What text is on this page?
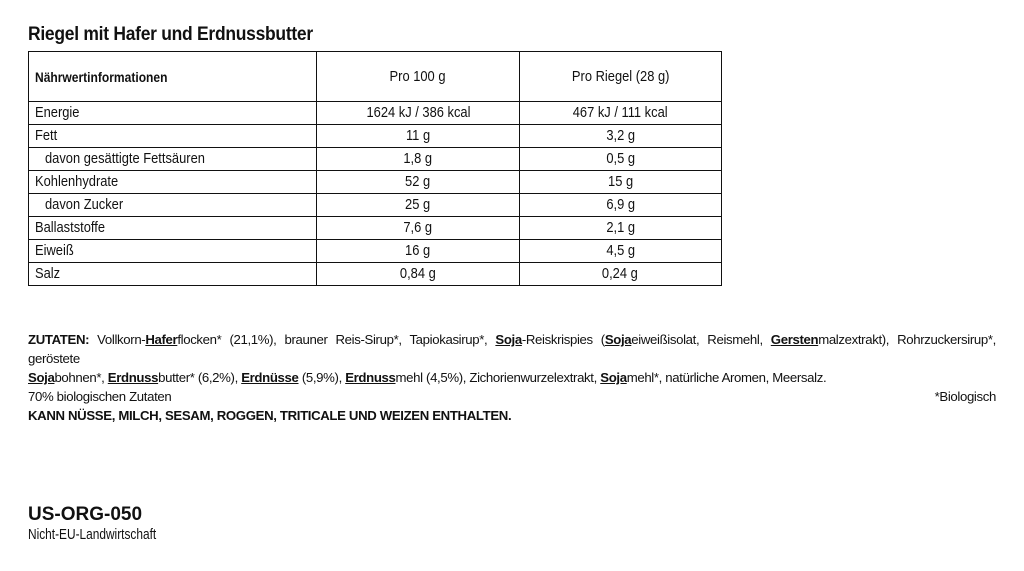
Riegel mit Hafer und Erdnussbutter
Nährwertinformationen	Pro 100 g	Pro Riegel (28 g)
Energie	1624 kJ / 386 kcal	467 kJ / 111 kcal
Fett	11 g	3,2 g
davon gesättigte Fettsäuren	1,8 g	0,5 g
Kohlenhydrate	52 g	15 g
davon Zucker	25 g	6,9 g
Ballaststoffe	7,6 g	2,1 g
Eiweiß	16 g	4,5 g
Salz	0,84 g	0,24 g
ZUTATEN: Vollkorn-Haferflocken* (21,1%), brauner Reis-Sirup*, Tapiokasirup*, Soja-Reiskrispies (Sojaeiweißisolat, Reismehl, Gerstenmalzextrakt), Rohrzuckersirup*, geröstete
Sojabohnen*, Erdnussbutter* (6,2%), Erdnüsse (5,9%), Erdnussmehl (4,5%), Zichorienwurzelextrakt, Sojamehl*, natürliche Aromen, Meersalz.
70% biologischen Zutaten	*Biologisch
KANN NÜSSE, MILCH, SESAM, ROGGEN, TRITICALE UND WEIZEN ENTHALTEN.
US-ORG-050
Nicht-EU-Landwirtschaft
